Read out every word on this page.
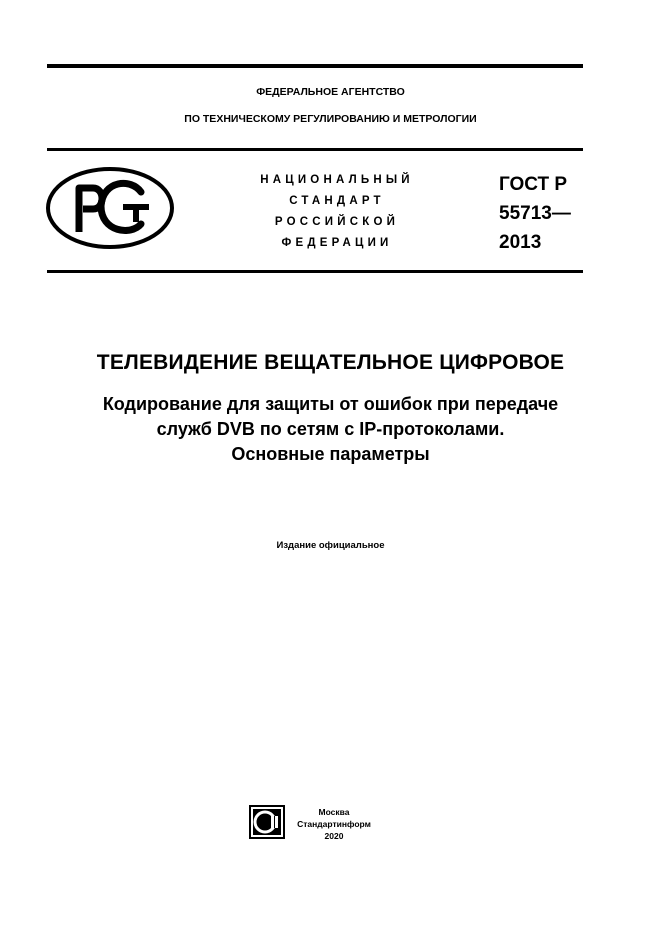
ФЕДЕРАЛЬНОЕ АГЕНТСТВО
ПО ТЕХНИЧЕСКОМУ РЕГУЛИРОВАНИЮ И МЕТРОЛОГИИ
НАЦИОНАЛЬНЫЙ
СТАНДАРТ
РОССИЙСКОЙ
ФЕДЕРАЦИИ
ГОСТ Р
55713—
2013
ТЕЛЕВИДЕНИЕ ВЕЩАТЕЛЬНОЕ ЦИФРОВОЕ
Кодирование для защиты от ошибок при передаче
служб DVB по сетям с IP-протоколами.
Основные параметры
Издание официальное
Москва
Стандартинформ
2020
